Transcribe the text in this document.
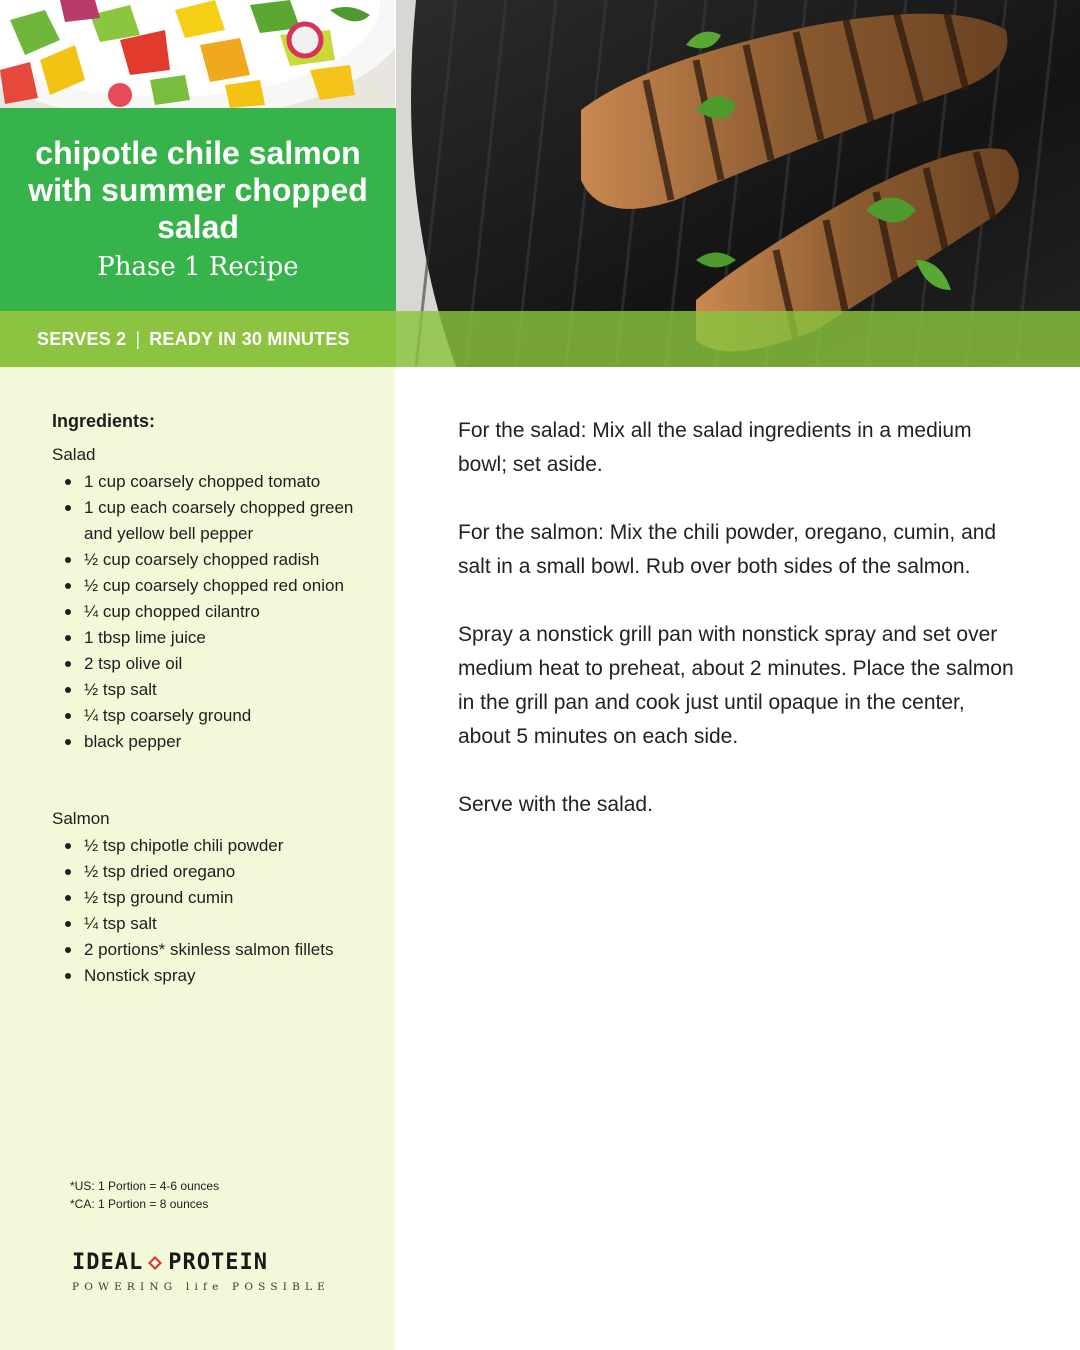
chipotle chile salmon with summer chopped salad
Phase 1 Recipe
SERVES 2 | READY IN 30 MINUTES
Ingredients:
Salad
1 cup coarsely chopped tomato
1 cup each coarsely chopped green and yellow bell pepper
½ cup coarsely chopped radish
½ cup coarsely chopped red onion
¼ cup chopped cilantro
1 tbsp lime juice
2 tsp olive oil
½ tsp salt
¼ tsp coarsely ground
black pepper
Salmon
½ tsp chipotle chili powder
½ tsp dried oregano
½ tsp ground cumin
¼ tsp salt
2 portions* skinless salmon fillets
Nonstick spray
*US: 1 Portion = 4-6 ounces
*CA: 1 Portion = 8 ounces
IDEAL PROTEIN
POWERING life POSSIBLE

For the salad: Mix all the salad ingredients in a medium bowl; set aside.

For the salmon: Mix the chili powder, oregano, cumin, and salt in a small bowl. Rub over both sides of the salmon.

Spray a nonstick grill pan with nonstick spray and set over medium heat to preheat, about 2 minutes. Place the salmon in the grill pan and cook just until opaque in the center, about 5 minutes on each side.

Serve with the salad.
